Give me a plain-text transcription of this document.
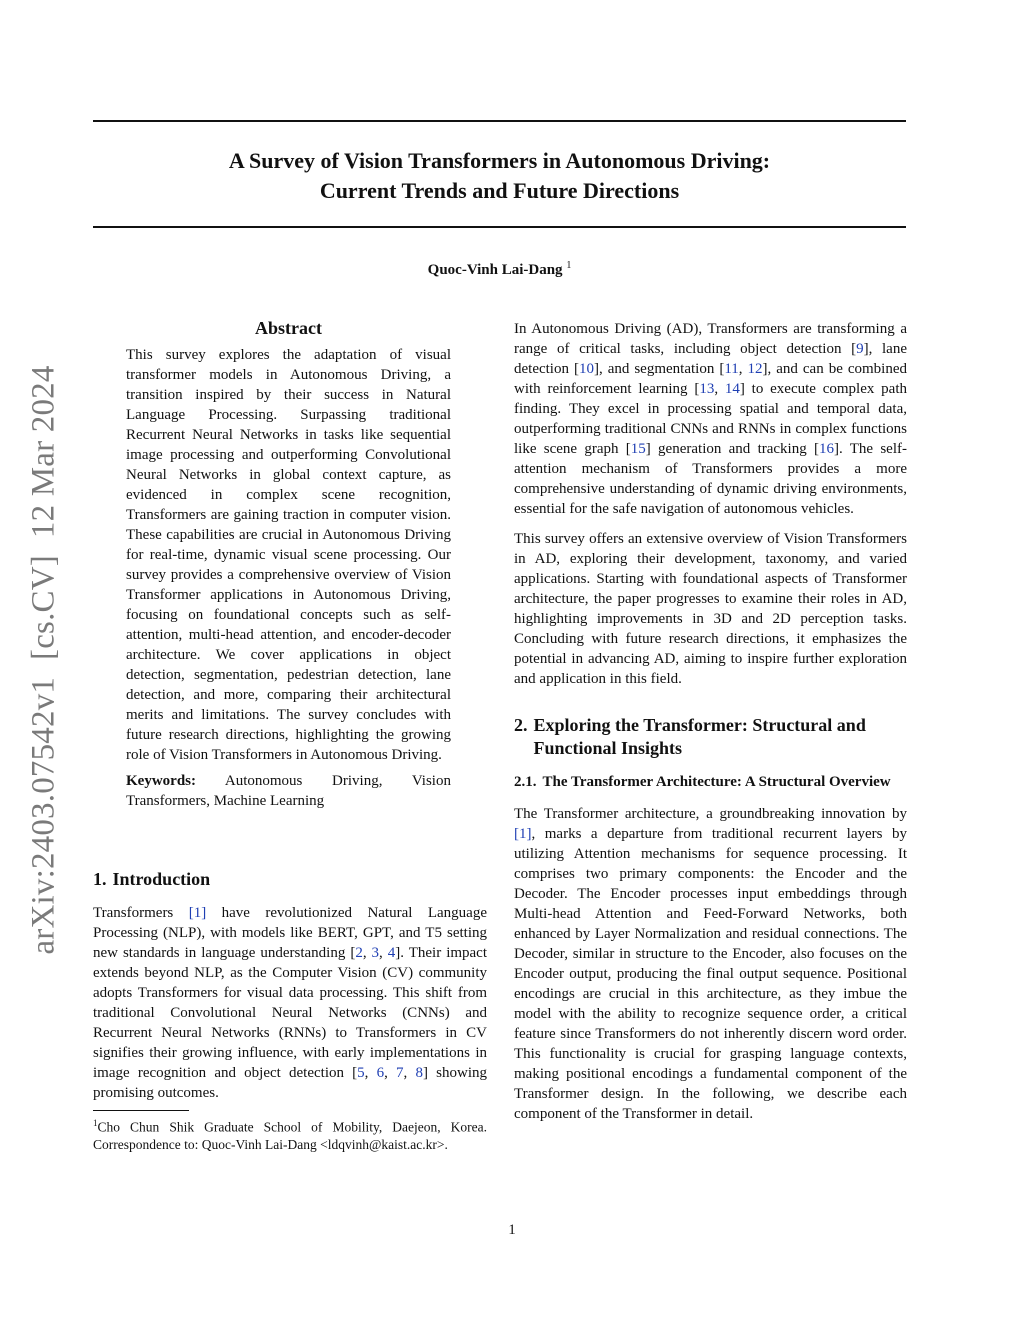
A Survey of Vision Transformers in Autonomous Driving:
Current Trends and Future Directions
Quoc-Vinh Lai-Dang $^1$
arXiv:2403.07542v1  [cs.CV]  12 Mar 2024
Abstract

This survey explores the adaptation of visual transformer models in Autonomous Driving, a transition inspired by their success in Natural Language Processing. Surpassing traditional Recurrent Neural Networks in tasks like sequential image processing and outperforming Convolutional Neural Networks in global context capture, as evidenced in complex scene recognition, Transformers are gaining traction in computer vision. These capabilities are crucial in Autonomous Driving for real-time, dynamic visual scene processing. Our survey provides a comprehensive overview of Vision Transformer applications in Autonomous Driving, focusing on foundational concepts such as self-attention, multi-head attention, and encoder-decoder architecture. We cover applications in object detection, segmentation, pedestrian detection, lane detection, and more, comparing their architectural merits and limitations. The survey concludes with future research directions, highlighting the growing role of Vision Transformers in Autonomous Driving.

Keywords: Autonomous Driving, Vision Transformers, Machine Learning

1. Introduction

Transformers [1] have revolutionized Natural Language Processing (NLP), with models like BERT, GPT, and T5 setting new standards in language understanding [2, 3, 4]. Their impact extends beyond NLP, as the Computer Vision (CV) community adopts Transformers for visual data processing. This shift from traditional Convolutional Neural Networks (CNNs) and Recurrent Neural Networks (RNNs) to Transformers in CV signifies their growing influence, with early implementations in image recognition and object detection [5, 6, 7, 8] showing promising outcomes.

$^1$Cho Chun Shik Graduate School of Mobility, Daejeon, Korea. Correspondence to: Quoc-Vinh Lai-Dang <ldqvinh@kaist.ac.kr>.

In Autonomous Driving (AD), Transformers are transforming a range of critical tasks, including object detection [9], lane detection [10], and segmentation [11, 12], and can be combined with reinforcement learning [13, 14] to execute complex path finding. They excel in processing spatial and temporal data, outperforming traditional CNNs and RNNs in complex functions like scene graph [15] generation and tracking [16]. The self-attention mechanism of Transformers provides a more comprehensive understanding of dynamic driving environments, essential for the safe navigation of autonomous vehicles.

This survey offers an extensive overview of Vision Transformers in AD, exploring their development, taxonomy, and varied applications. Starting with foundational aspects of Transformer architecture, the paper progresses to examine their roles in AD, highlighting improvements in 3D and 2D perception tasks. Concluding with future research directions, it emphasizes the potential in advancing AD, aiming to inspire further exploration and application in this field.

2. Exploring the Transformer: Structural and Functional Insights
2.1. The Transformer Architecture: A Structural Overview

The Transformer architecture, a groundbreaking innovation by [1], marks a departure from traditional recurrent layers by utilizing Attention mechanisms for sequence processing. It comprises two primary components: the Encoder and the Decoder. The Encoder processes input embeddings through Multi-head Attention and Feed-Forward Networks, both enhanced by Layer Normalization and residual connections. The Decoder, similar in structure to the Encoder, also focuses on the Encoder output, producing the final output sequence. Positional encodings are crucial in this architecture, as they imbue the model with the ability to recognize sequence order, a critical feature since Transformers do not inherently discern word order. This functionality is crucial for grasping language contexts, making positional encodings a fundamental component of the Transformer design. In the following, we describe each component of the Transformer in detail.

1
